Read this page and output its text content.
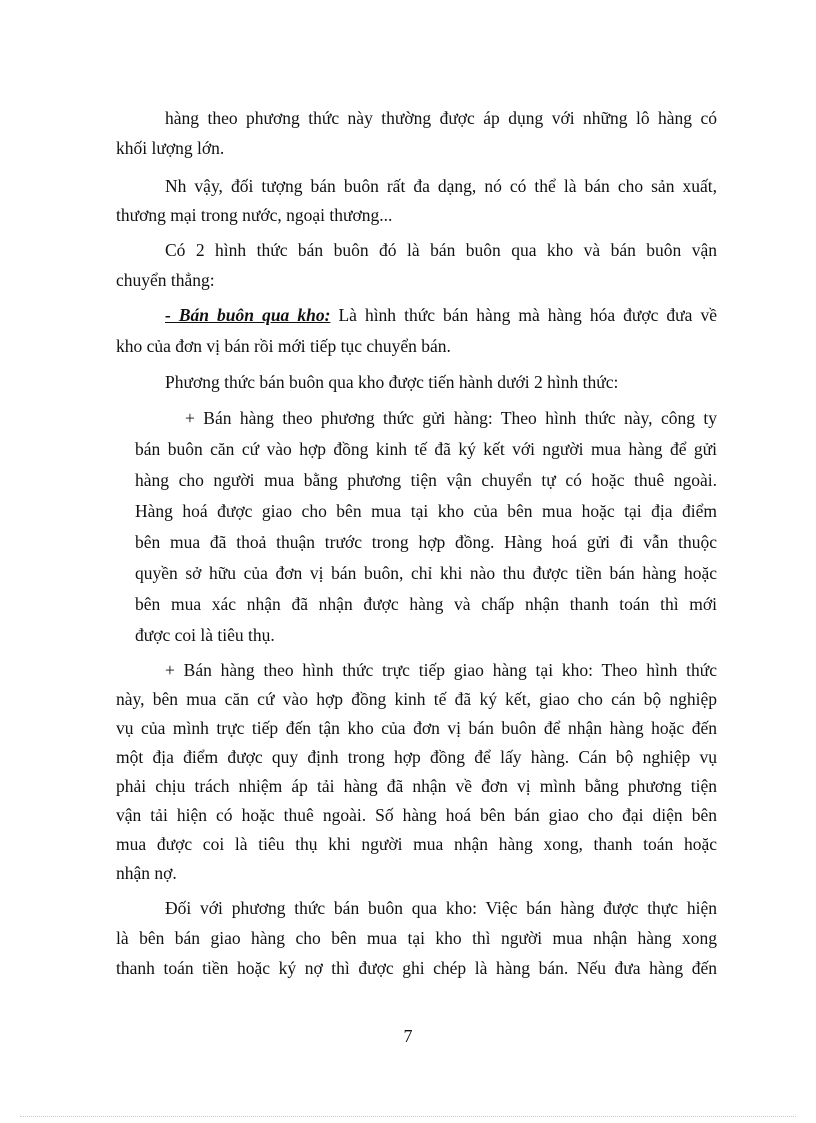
hàng theo phương thức này thường được áp dụng với những lô hàng có
khối lượng lớn.
Nh vậy, đối tượng bán buôn rất đa dạng, nó có thể là bán cho sản xuất,
thương mại trong nước, ngoại thương...
Có 2 hình thức bán buôn đó là bán buôn qua kho và bán buôn vận
chuyển thẳng:
- Bán buôn qua kho: Là hình thức bán hàng mà hàng hóa được đưa về
kho của đơn vị bán rồi mới tiếp tục chuyển bán.
Phương thức bán buôn qua kho được tiến hành dưới 2 hình thức:
+ Bán hàng theo phương thức gửi hàng: Theo hình thức này, công ty
bán buôn căn cứ vào hợp đồng kinh tế đã ký kết với người mua hàng để gửi
hàng cho người mua bằng phương tiện vận chuyển tự có hoặc thuê ngoài.
Hàng hoá được giao cho bên mua tại kho của bên mua hoặc tại địa điểm
bên mua đã thoả thuận trước trong hợp đồng. Hàng hoá gửi đi vẫn thuộc
quyền sở hữu của đơn vị bán buôn, chỉ khi nào thu được tiền bán hàng hoặc
bên mua xác nhận đã nhận được hàng và chấp nhận thanh toán thì mới
được coi là tiêu thụ.
+ Bán hàng theo hình thức trực tiếp giao hàng tại kho: Theo hình thức
này, bên mua căn cứ vào hợp đồng kinh tế đã ký kết, giao cho cán bộ nghiệp
vụ của mình trực tiếp đến tận kho của đơn vị bán buôn để nhận hàng hoặc đến
một địa điểm được quy định trong hợp đồng để lấy hàng. Cán bộ nghiệp vụ
phải chịu trách nhiệm áp tải hàng đã nhận về đơn vị mình bằng phương tiện
vận tải hiện có hoặc thuê ngoài. Số hàng hoá bên bán giao cho đại diện bên
mua được coi là tiêu thụ khi người mua nhận hàng xong, thanh toán hoặc
nhận nợ.
Đối với phương thức bán buôn qua kho: Việc bán hàng được thực hiện
là bên bán giao hàng cho bên mua tại kho thì người mua nhận hàng xong
thanh toán tiền hoặc ký nợ thì được ghi chép là hàng bán. Nếu đưa hàng đến
7
